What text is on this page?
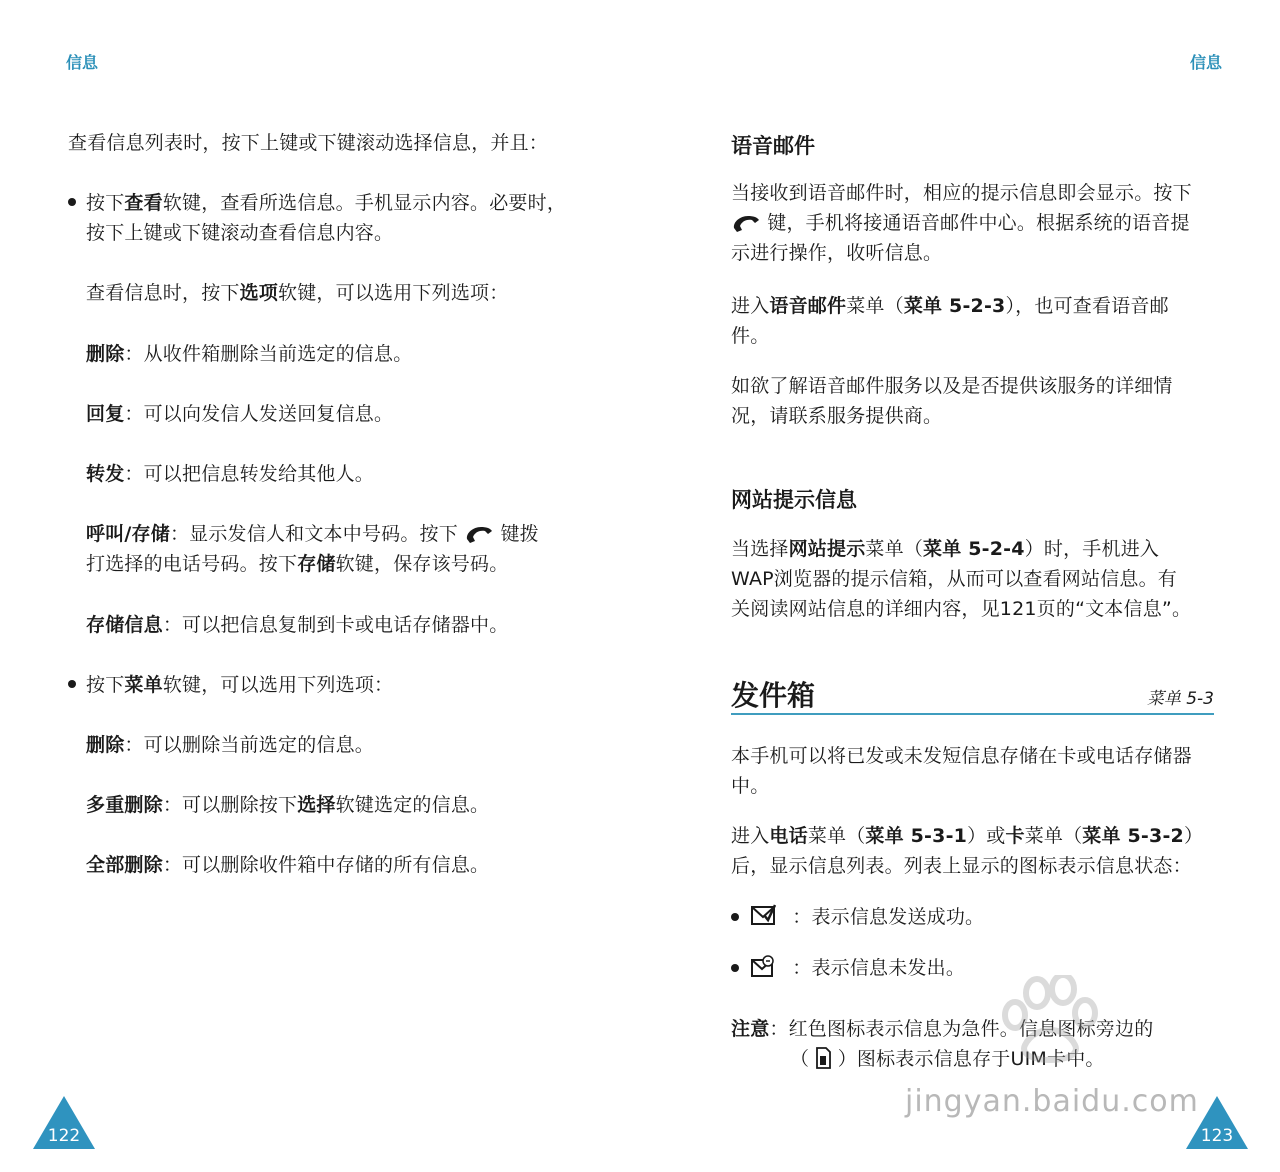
信息
查看信息列表时，按下上键或下键滚动选择信息，并且：
按下查看软键，查看所选信息。手机显示内容。必要时，
按下上键或下键滚动查看信息内容。
查看信息时，按下选项软键，可以选用下列选项：
删除：从收件箱删除当前选定的信息。
回复：可以向发信人发送回复信息。
转发：可以把信息转发给其他人。
呼叫/存储：显示发信人和文本中号码。按下 键拨
打选择的电话号码。按下存储软键，保存该号码。
存储信息：可以把信息复制到卡或电话存储器中。
按下菜单软键，可以选用下列选项：
删除：可以删除当前选定的信息。
多重删除：可以删除按下选择软键选定的信息。
全部删除：可以删除收件箱中存储的所有信息。
122
信息
语音邮件
当接收到语音邮件时，相应的提示信息即会显示。按下
键，手机将接通语音邮件中心。根据系统的语音提
示进行操作，收听信息。
进入语音邮件菜单（菜单 5-2-3），也可查看语音邮
件。
如欲了解语音邮件服务以及是否提供该服务的详细情
况，请联系服务提供商。
网站提示信息
当选择网站提示菜单（菜单 5-2-4）时，手机进入
WAP浏览器的提示信箱，从而可以查看网站信息。有
关阅读网站信息的详细内容，见121页的“文本信息”。
发件箱	菜单 5-3
本手机可以将已发或未发短信息存储在卡或电话存储器
中。
进入电话菜单（菜单 5-3-1）或卡菜单（菜单 5-3-2）
后，显示信息列表。列表上显示的图标表示信息状态：
：表示信息发送成功。
：表示信息未发出。
注意：红色图标表示信息为急件。信息图标旁边的
（ ）图标表示信息存于UIM卡中。
jingyan.baidu.com
123
